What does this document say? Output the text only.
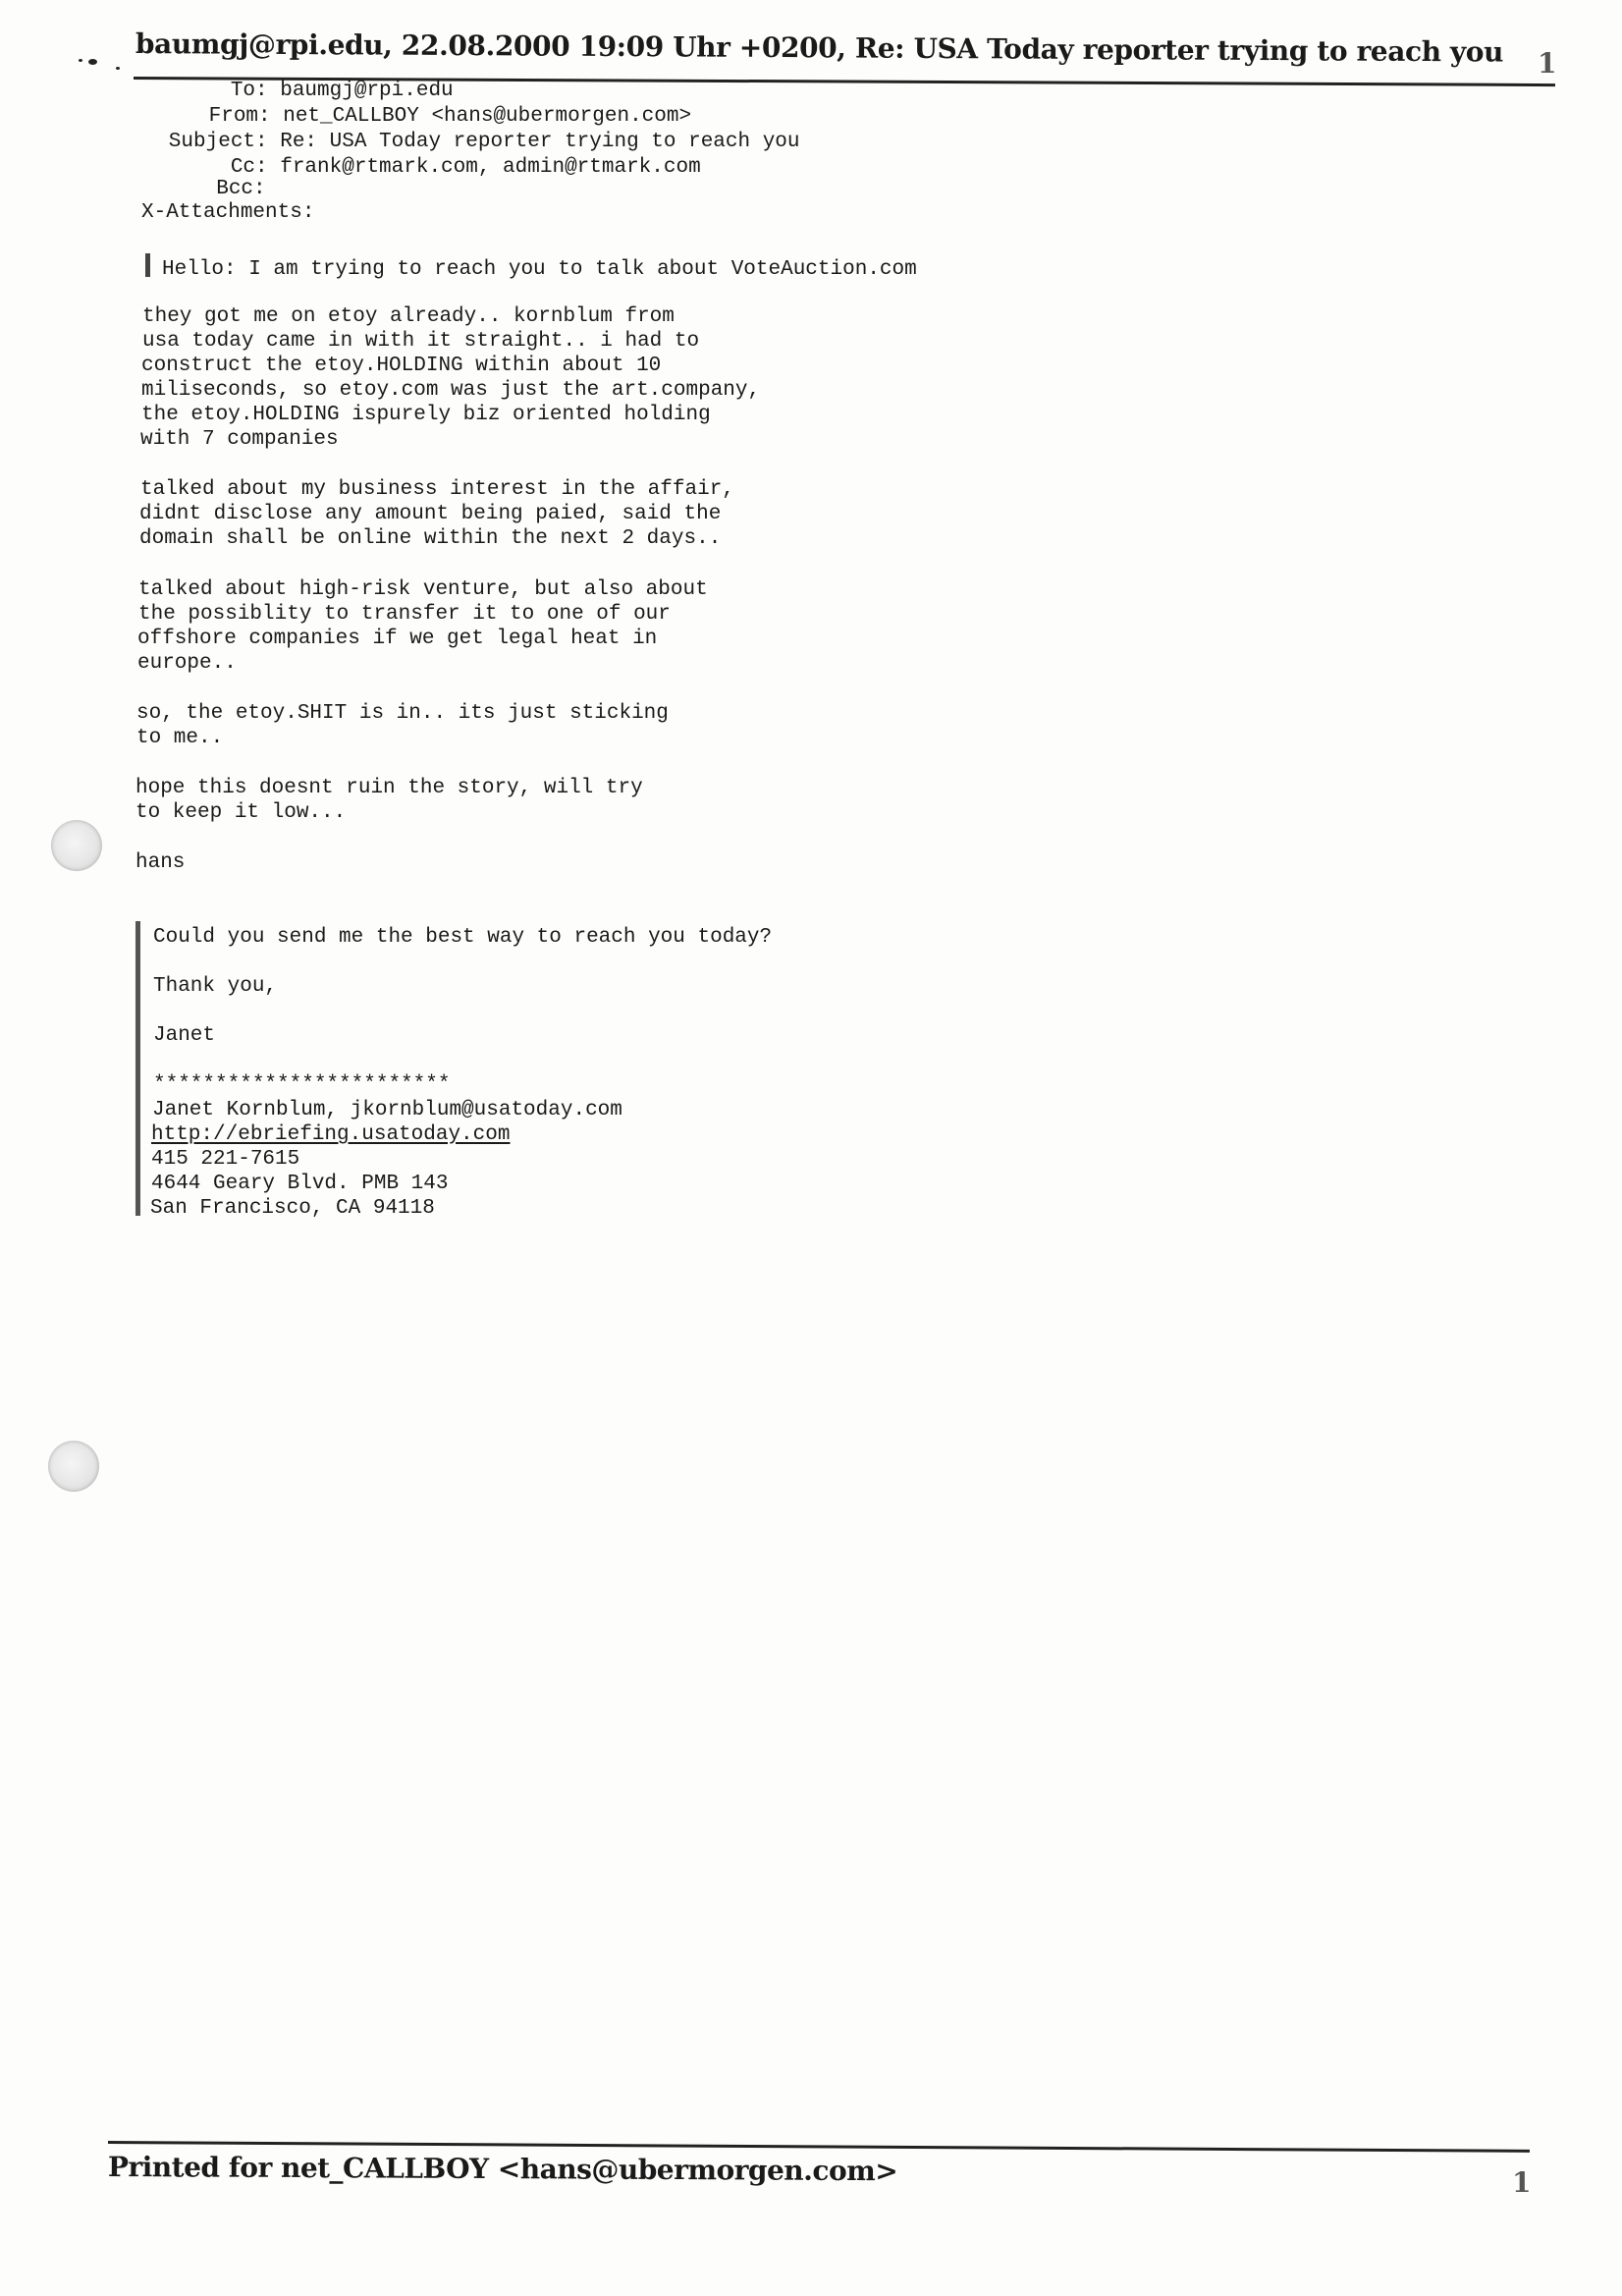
baumgj@rpi.edu, 22.08.2000 19:09 Uhr +0200, Re: USA Today reporter trying to reach you 1
To: baumgj@rpi.edu
From: net_CALLBOY <hans@ubermorgen.com>
Subject: Re: USA Today reporter trying to reach you
Cc: frank@rtmark.com, admin@rtmark.com
Bcc:
X-Attachments:
Hello: I am trying to reach you to talk about VoteAuction.com
they got me on etoy already.. kornblum from
usa today came in with it straight.. i had to
construct the etoy.HOLDING within about 10
miliseconds, so etoy.com was just the art.company,
the etoy.HOLDING ispurely biz oriented holding
with 7 companies
talked about my business interest in the affair,
didnt disclose any amount being paied, said the
domain shall be online within the next 2 days..
talked about high-risk venture, but also about
the possiblity to transfer it to one of our
offshore companies if we get legal heat in
europe..
so, the etoy.SHIT is in.. its just sticking
to me..
hope this doesnt ruin the story, will try
to keep it low...
hans
Could you send me the best way to reach you today?
Thank you,
Janet
************************
Janet Kornblum, jkornblum@usatoday.com
http://ebriefing.usatoday.com
415 221-7615
4644 Geary Blvd. PMB 143
San Francisco, CA 94118
Printed for net_CALLBOY <hans@ubermorgen.com>	1
